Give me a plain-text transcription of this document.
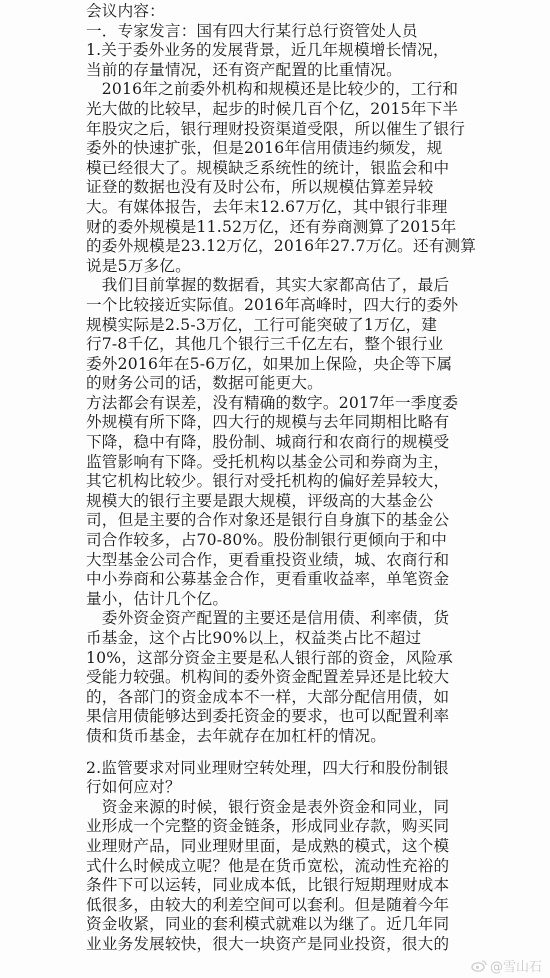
会议内容：
一．专家发言：国有四大行某行总行资管处人员
1.关于委外业务的发展背景，近几年规模增长情况，
当前的存量情况，还有资产配置的比重情况。
　2016年之前委外机构和规模还是比较少的，工行和
光大做的比较早，起步的时候几百个亿，2015年下半
年股灾之后，银行理财投资渠道受限，所以催生了银行
委外的快速扩张，但是2016年信用债违约频发，规
模已经很大了。规模缺乏系统性的统计，银监会和中
证登的数据也没有及时公布，所以规模估算差异较
大。有媒体报告，去年末12.67万亿，其中银行非理
财的委外规模是11.52万亿，还有券商测算了2015年
的委外规模是23.12万亿，2016年27.7万亿。还有测算
说是5万多亿。
　我们目前掌握的数据看，其实大家都高估了，最后
一个比较接近实际值。2016年高峰时，四大行的委外
规模实际是2.5-3万亿，工行可能突破了1万亿，建
行7-8千亿，其他几个银行三千亿左右，整个银行业
委外2016年在5-6万亿，如果加上保险，央企等下属
的财务公司的话，数据可能更大。
方法都会有误差，没有精确的数字。2017年一季度委
外规模有所下降，四大行的规模与去年同期相比略有
下降，稳中有降，股份制、城商行和农商行的规模受
监管影响有下降。受托机构以基金公司和券商为主，
其它机构比较少。银行对受托机构的偏好差异较大，
规模大的银行主要是跟大规模，评级高的大基金公
司，但是主要的合作对象还是银行自身旗下的基金公
司合作较多，占70-80%。股份制银行更倾向于和中
大型基金公司合作，更看重投资业绩，城、农商行和
中小券商和公募基金合作，更看重收益率，单笔资金
量小，估计几个亿。
　委外资金资产配置的主要还是信用债、利率债，货
币基金，这个占比90%以上，权益类占比不超过
10%，这部分资金主要是私人银行部的资金，风险承
受能力较强。机构间的委外资金配置差异还是比较大
的，各部门的资金成本不一样，大部分配信用债，如
果信用债能够达到委托资金的要求，也可以配置利率
债和货币基金，去年就存在加杠杆的情况。
2.监管要求对同业理财空转处理，四大行和股份制银
行如何应对？
　资金来源的时候，银行资金是表外资金和同业，同
业形成一个完整的资金链条，形成同业存款，购买同
业理财产品，同业理财里面，是成熟的模式，这个模
式什么时候成立呢？他是在货币宽松，流动性充裕的
条件下可以运转，同业成本低，比银行短期理财成本
低很多，由较大的利差空间可以套利。但是随着今年
资金收紧，同业的套利模式就难以为继了。近几年同
业业务发展较快，很大一块资产是同业投资，很大的
@雪山石
